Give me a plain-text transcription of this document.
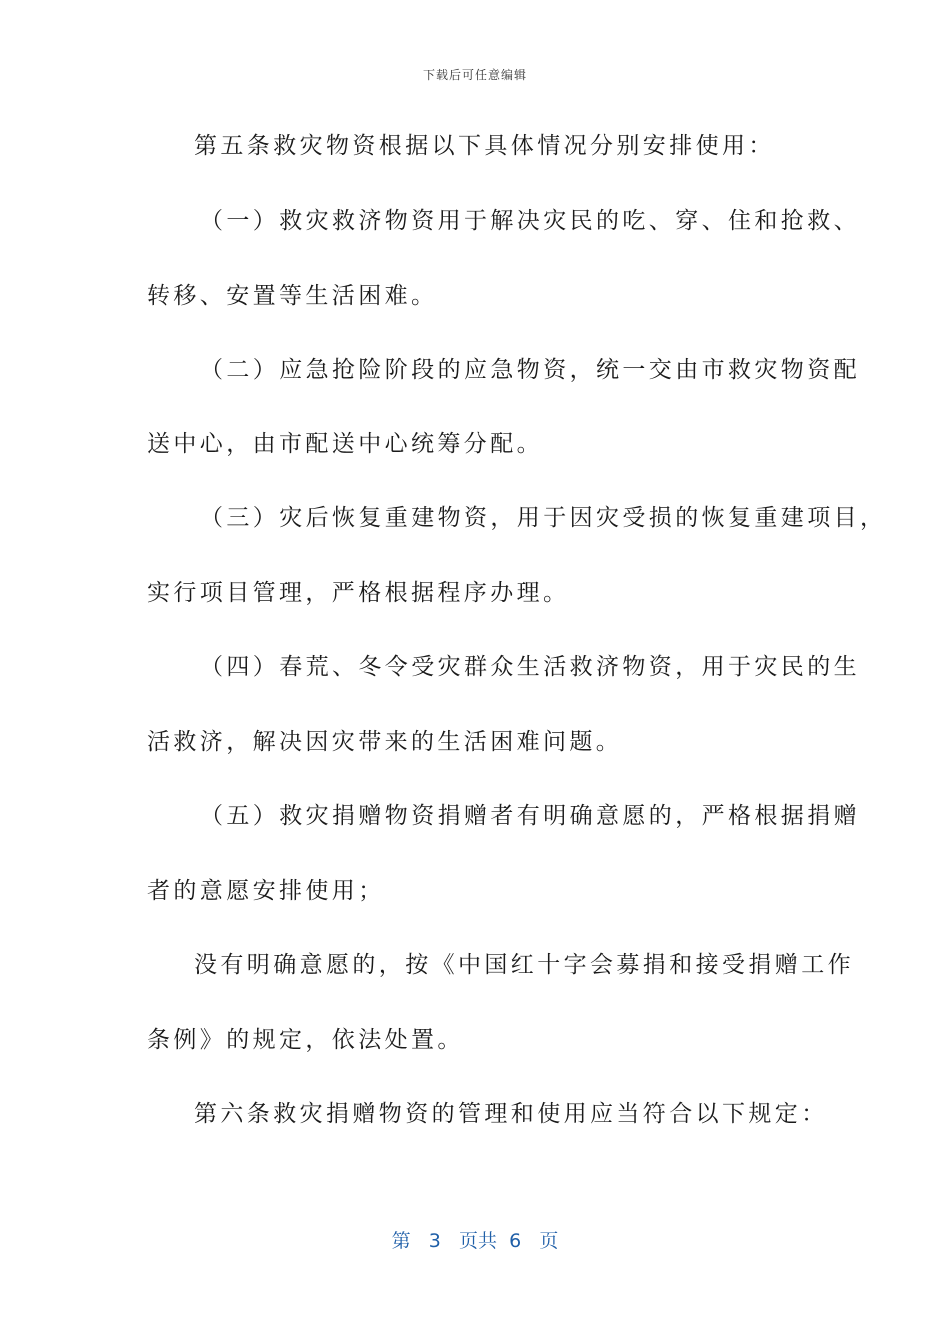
下载后可任意编辑
第五条救灾物资根据以下具体情况分别安排使用：
（一）救灾救济物资用于解决灾民的吃、穿、住和抢救、
转移、安置等生活困难。
（二）应急抢险阶段的应急物资，统一交由市救灾物资配
送中心，由市配送中心统筹分配。
（三）灾后恢复重建物资，用于因灾受损的恢复重建项目，
实行项目管理，严格根据程序办理。
（四）春荒、冬令受灾群众生活救济物资，用于灾民的生
活救济，解决因灾带来的生活困难问题。
（五）救灾捐赠物资捐赠者有明确意愿的，严格根据捐赠
者的意愿安排使用；
没有明确意愿的，按《中国红十字会募捐和接受捐赠工作
条例》的规定，依法处置。
第六条救灾捐赠物资的管理和使用应当符合以下规定：
第 3 页共 6 页
